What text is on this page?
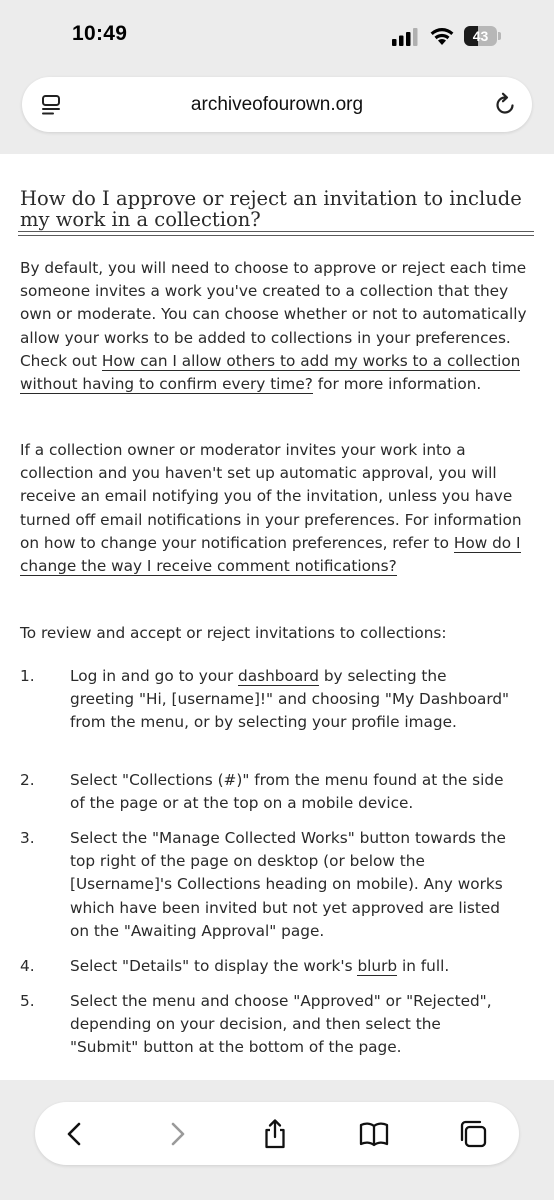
10:49	43
archiveofourown.org
How do I approve or reject an invitation to include my work in a collection?

By default, you will need to choose to approve or reject each time someone invites a work you've created to a collection that they own or moderate. You can choose whether or not to automatically allow your works to be added to collections in your preferences. Check out How can I allow others to add my works to a collection without having to confirm every time? for more information.

If a collection owner or moderator invites your work into a collection and you haven't set up automatic approval, you will receive an email notifying you of the invitation, unless you have turned off email notifications in your preferences. For information on how to change your notification preferences, refer to How do I change the way I receive comment notifications?

To review and accept or reject invitations to collections:

1. Log in and go to your dashboard by selecting the greeting "Hi, [username]!" and choosing "My Dashboard" from the menu, or by selecting your profile image.
2. Select "Collections (#)" from the menu found at the side of the page or at the top on a mobile device.
3. Select the "Manage Collected Works" button towards the top right of the page on desktop (or below the [Username]'s Collections heading on mobile). Any works which have been invited but not yet approved are listed on the "Awaiting Approval" page.
4. Select "Details" to display the work's blurb in full.
5. Select the menu and choose "Approved" or "Rejected", depending on your decision, and then select the "Submit" button at the bottom of the page.
